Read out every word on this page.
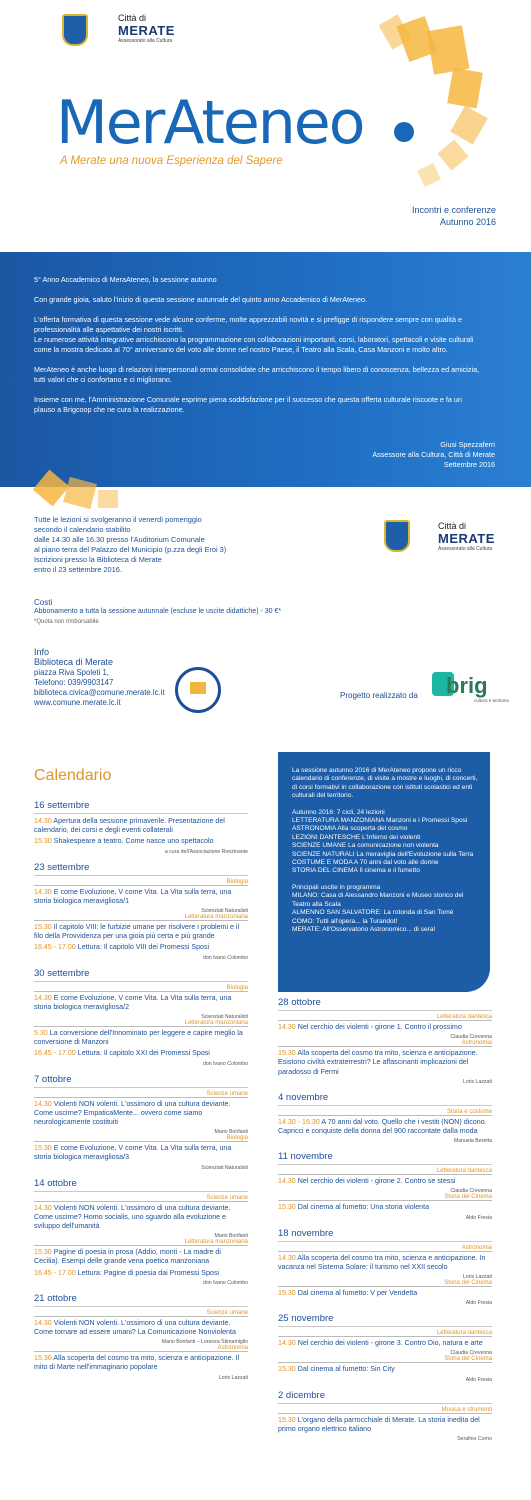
Città di
MERATE
Assessorato alla Cultura
MerAteneo
A Merate una nuova Esperienza del Sapere
Incontri e conferenze
Autunno 2016

5° Anno Accademico di MeraAteneo, la sessione autunno

Con grande gioia, saluto l'inizio di questa sessione autunnale del quinto anno Accademico di MerAteneo.

L'offerta formativa di questa sessione vede alcune conferme, molte apprezzabili novità e si prefigge di rispondere sempre con qualità e professionalità alle aspettative dei nostri iscritti.

Le numerose attività integrative arricchiscono la programmazione con collaborazioni importanti, corsi, laboratori, spettacoli e visite culturali come la mostra dedicata al 70° anniversario del voto alle donne nel nostro Paese, il Teatro alla Scala, Casa Manzoni e molto altro.

MerAteneo è anche luogo di relazioni interpersonali ormai consolidate che arricchiscono il tempo libero di conoscenza, bellezza ed amicizia, tutti valori che ci confortano e ci migliorano.

Insieme con me, l'Amministrazione Comunale esprime piena soddisfazione per il successo che questa offerta culturale riscuote e fa un plauso a Brigcoop che ne cura la realizzazione.

Giusi Spezzaferri
Assessore alla Cultura, Città di Merate
Settembre 2016
Tutte le lezioni si svolgeranno il venerdì pomeriggio
secondo il calendario stabilito
dalle 14.30 alle 16.30 presso l'Auditorium Comunale
al piano terra del Palazzo del Municipio (p.zza degli Eroi 3)
Iscrizioni presso la Biblioteca di Merate
entro il 23 settembre 2016.
Città di
MERATE
Assessorato alla Cultura
Costi
Abbonamento a tutta la sessione autunnale (escluse le uscite didattiche) - 30 €*
*Quota non rimborsabile
Info
Biblioteca di Merate
piazza Riva Spoleti 1,
Telefono: 039/9903147
biblioteca.civica@comune.merate.lc.it
www.comune.merate.lc.it
Progetto realizzato da brig
cultura e territorio

La sessione autunno 2016 di MerAteneo propone un ricco calendario di conferenze, di visite a mostre e luoghi, di concerti, di corsi formativi in collaborazione con istituti scolastici ed enti culturali del territorio.

Autunno 2016: 7 cicli, 24 lezioni

LETTERATURA MANZONIANA Manzoni e i Promessi Sposi

ASTRONOMIA Alla scoperta del cosmo

LEZIONI DANTESCHE L'Inferno dei violenti

SCIENZE UMANE La comunicazione non violenta

SCIENZE NATURALI La meraviglia dell'Evoluzione sulla Terra

COSTUME E MODA A 70 anni dal voto alle donne

STORIA DEL CINEMA Il cinema e il fumetto

Principali uscite in programma

MILANO: Casa di Alessandro Manzoni e Museo storico del Teatro alla Scala

ALMENNO SAN SALVATORE: La rotonda di San Tomè

COMO: Tutti all'opera... la Turandot!

MERATE: All'Osservatorio Astronomico... di sera!

Calendario
16 settembre
14.30 Apertura della sessione primaverile. Presentazione del calendario, dei corsi e degli eventi collaterali
15.30 Shakespeare a teatro. Come nasce uno spettacolo
a cura dell'Associazione Ronzinante
23 settembre
Biologia
14.30 E come Evoluzione, V come Vita. La Vita sulla terra, una storia biologica meravigliosa/1
Scienziati Naturalisti
Letteratura manzoniana
15.30 Il capitolo VIII: le furbizie umane per risolvere i problemi e il filo della Provvidenza per una gioia più certa e più grande
16.45 - 17.00 Lettura: Il capitolo VIII dei Promessi Sposi
don Ivano Colombo
30 settembre
Biologia
14.30 E come Evoluzione, V come Vita. La Vita sulla terra, una storia biologica meravigliosa/2
Scienziati Naturalisti
Letteratura manzoniana
5.30 La conversione dell'Innominato per leggere e capire meglio la conversione di Manzoni
16.45 - 17.00 Lettura: Il capitolo XXI dei Promessi Sposi
don Ivano Colombo
7 ottobre
Scienze umane
14.30 Violenti NON volenti. L'ossimoro di una cultura deviante. Come uscirne? EmpaticaMente... ovvero come siamo neurologicamente costituiti
Mario Bonfanti
Biologia
15.30 E come Evoluzione, V come Vita. La Vita sulla terra, una storia biologica meravigliosa/3
Scienziati Naturalisti
14 ottobre
Scienze umane
14.30 Violenti NON volenti. L'ossimoro di una cultura deviante. Come uscirne? Homo socialis, uno sguardo alla evoluzione e sviluppo dell'umanità
Mario Bonfanti
Letteratura manzoniana
15.30 Pagine di poesia in prosa (Addio, monti - La madre di Cecilia). Esempi delle grande vena poetica manzoniana
16.45 - 17.00 Lettura: Pagine di poesia dai Promessi Sposi
don Ivano Colombo
21 ottobre
Scienze umane
14.30 Violenti NON volenti. L'ossimoro di una cultura deviante. Come tornare ad essere umani? La Comunicazione Nonviolenta
Mario Bonfanti – Lorenza Stimamiglio
Astronomia
15.30 Alla scoperta del cosmo tra mito, scienza e anticipazione. Il mito di Marte nell'immaginario popolare
Loris Lazzati
28 ottobre
Letteratura dantesca
14.30 Nel cerchio dei violenti - girone 1. Contro il prossimo
Claudia Crevenna
Astronomia
15.30 Alla scoperta del cosmo tra mito, scienza e anticipazione. Esistono civiltà extraterrestri? Le affascinanti implicazioni del paradosso di Fermi
Loris Lazzati
4 novembre
Storia e costume
14.30 - 16.30 A 70 anni dal voto. Quello che i vestiti (NON) dicono. Capricci e conquiste della donna del 900 raccontate dalla moda
Manuela Beretta
11 novembre
Letteratura dantesca
14.30 Nel cerchio dei violenti - girone 2. Contro se stessi
Claudia Crevenna
Storia del Cinema
15.30 Dal cinema al fumetto: Una storia violenta
Aldo Fresia
18 novembre
Astronomia
14.30 Alla scoperta del cosmo tra mito, scienza e anticipazione. In vacanza nel Sistema Solare: il turismo nel XXII secolo
Loris Lazzati
Storia del Cinema
15.30 Dal cinema al fumetto: V per Vendetta
Aldo Fresia
25 novembre
Letteratura dantesca
14.30 Nel cerchio dei violenti - girone 3. Contro Dio, natura e arte
Claudia Crevenna
Storia del Cinema
15.30 Dal cinema al fumetto: Sin City
Aldo Fresia
2 dicembre
Musica e strumenti
15.30 L'organo della parrocchiale di Merate. La storia inedita del primo organo elettrico italiano
Serafino Corno
